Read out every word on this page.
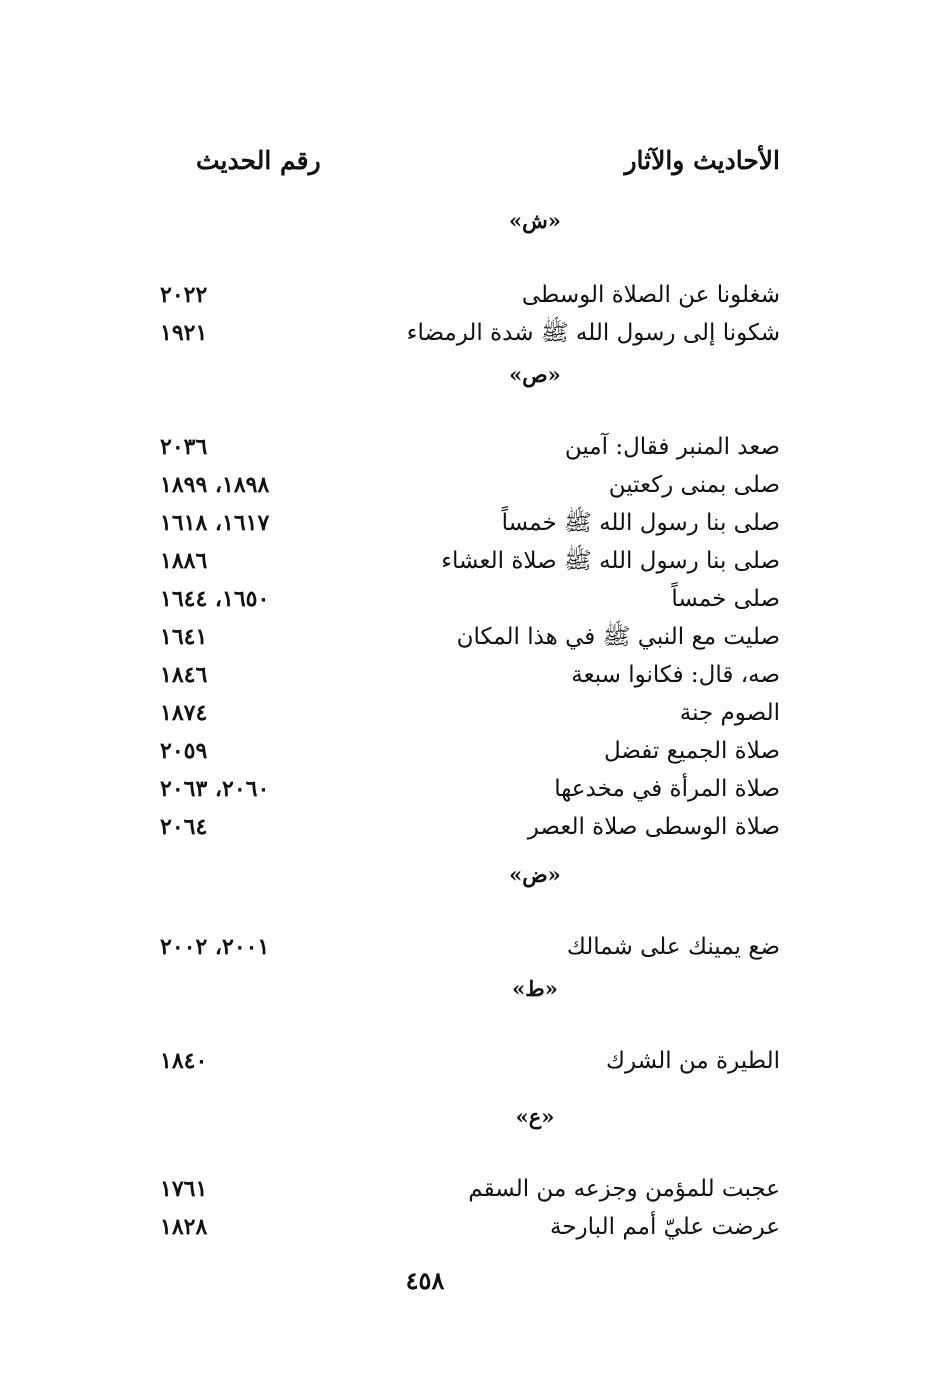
الأحاديث والآثار
رقم الحديث
«ش»
شغلونا عن الصلاة الوسطى
٢٠٢٢
شكونا إلى رسول الله ﷺ شدة الرمضاء
١٩٢١
«ص»
صعد المنبر فقال: آمين
٢٠٣٦
صلى بمنى ركعتين
١٨٩٨، ١٨٩٩
صلى بنا رسول الله ﷺ خمساً
١٦١٧، ١٦١٨
صلى بنا رسول الله ﷺ صلاة العشاء
١٨٨٦
صلى خمساً
١٦٥٠، ١٦٤٤
صليت مع النبي ﷺ في هذا المكان
١٦٤١
صه، قال: فكانوا سبعة
١٨٤٦
الصوم جنة
١٨٧٤
صلاة الجميع تفضل
٢٠٥٩
صلاة المرأة في مخدعها
٢٠٦٠، ٢٠٦٣
صلاة الوسطى صلاة العصر
٢٠٦٤
«ض»
ضع يمينك على شمالك
٢٠٠١، ٢٠٠٢
«ط»
الطيرة من الشرك
١٨٤٠
«ع»
عجبت للمؤمن وجزعه من السقم
١٧٦١
عرضت عليّ أمم البارحة
١٨٢٨
٤٥٨
